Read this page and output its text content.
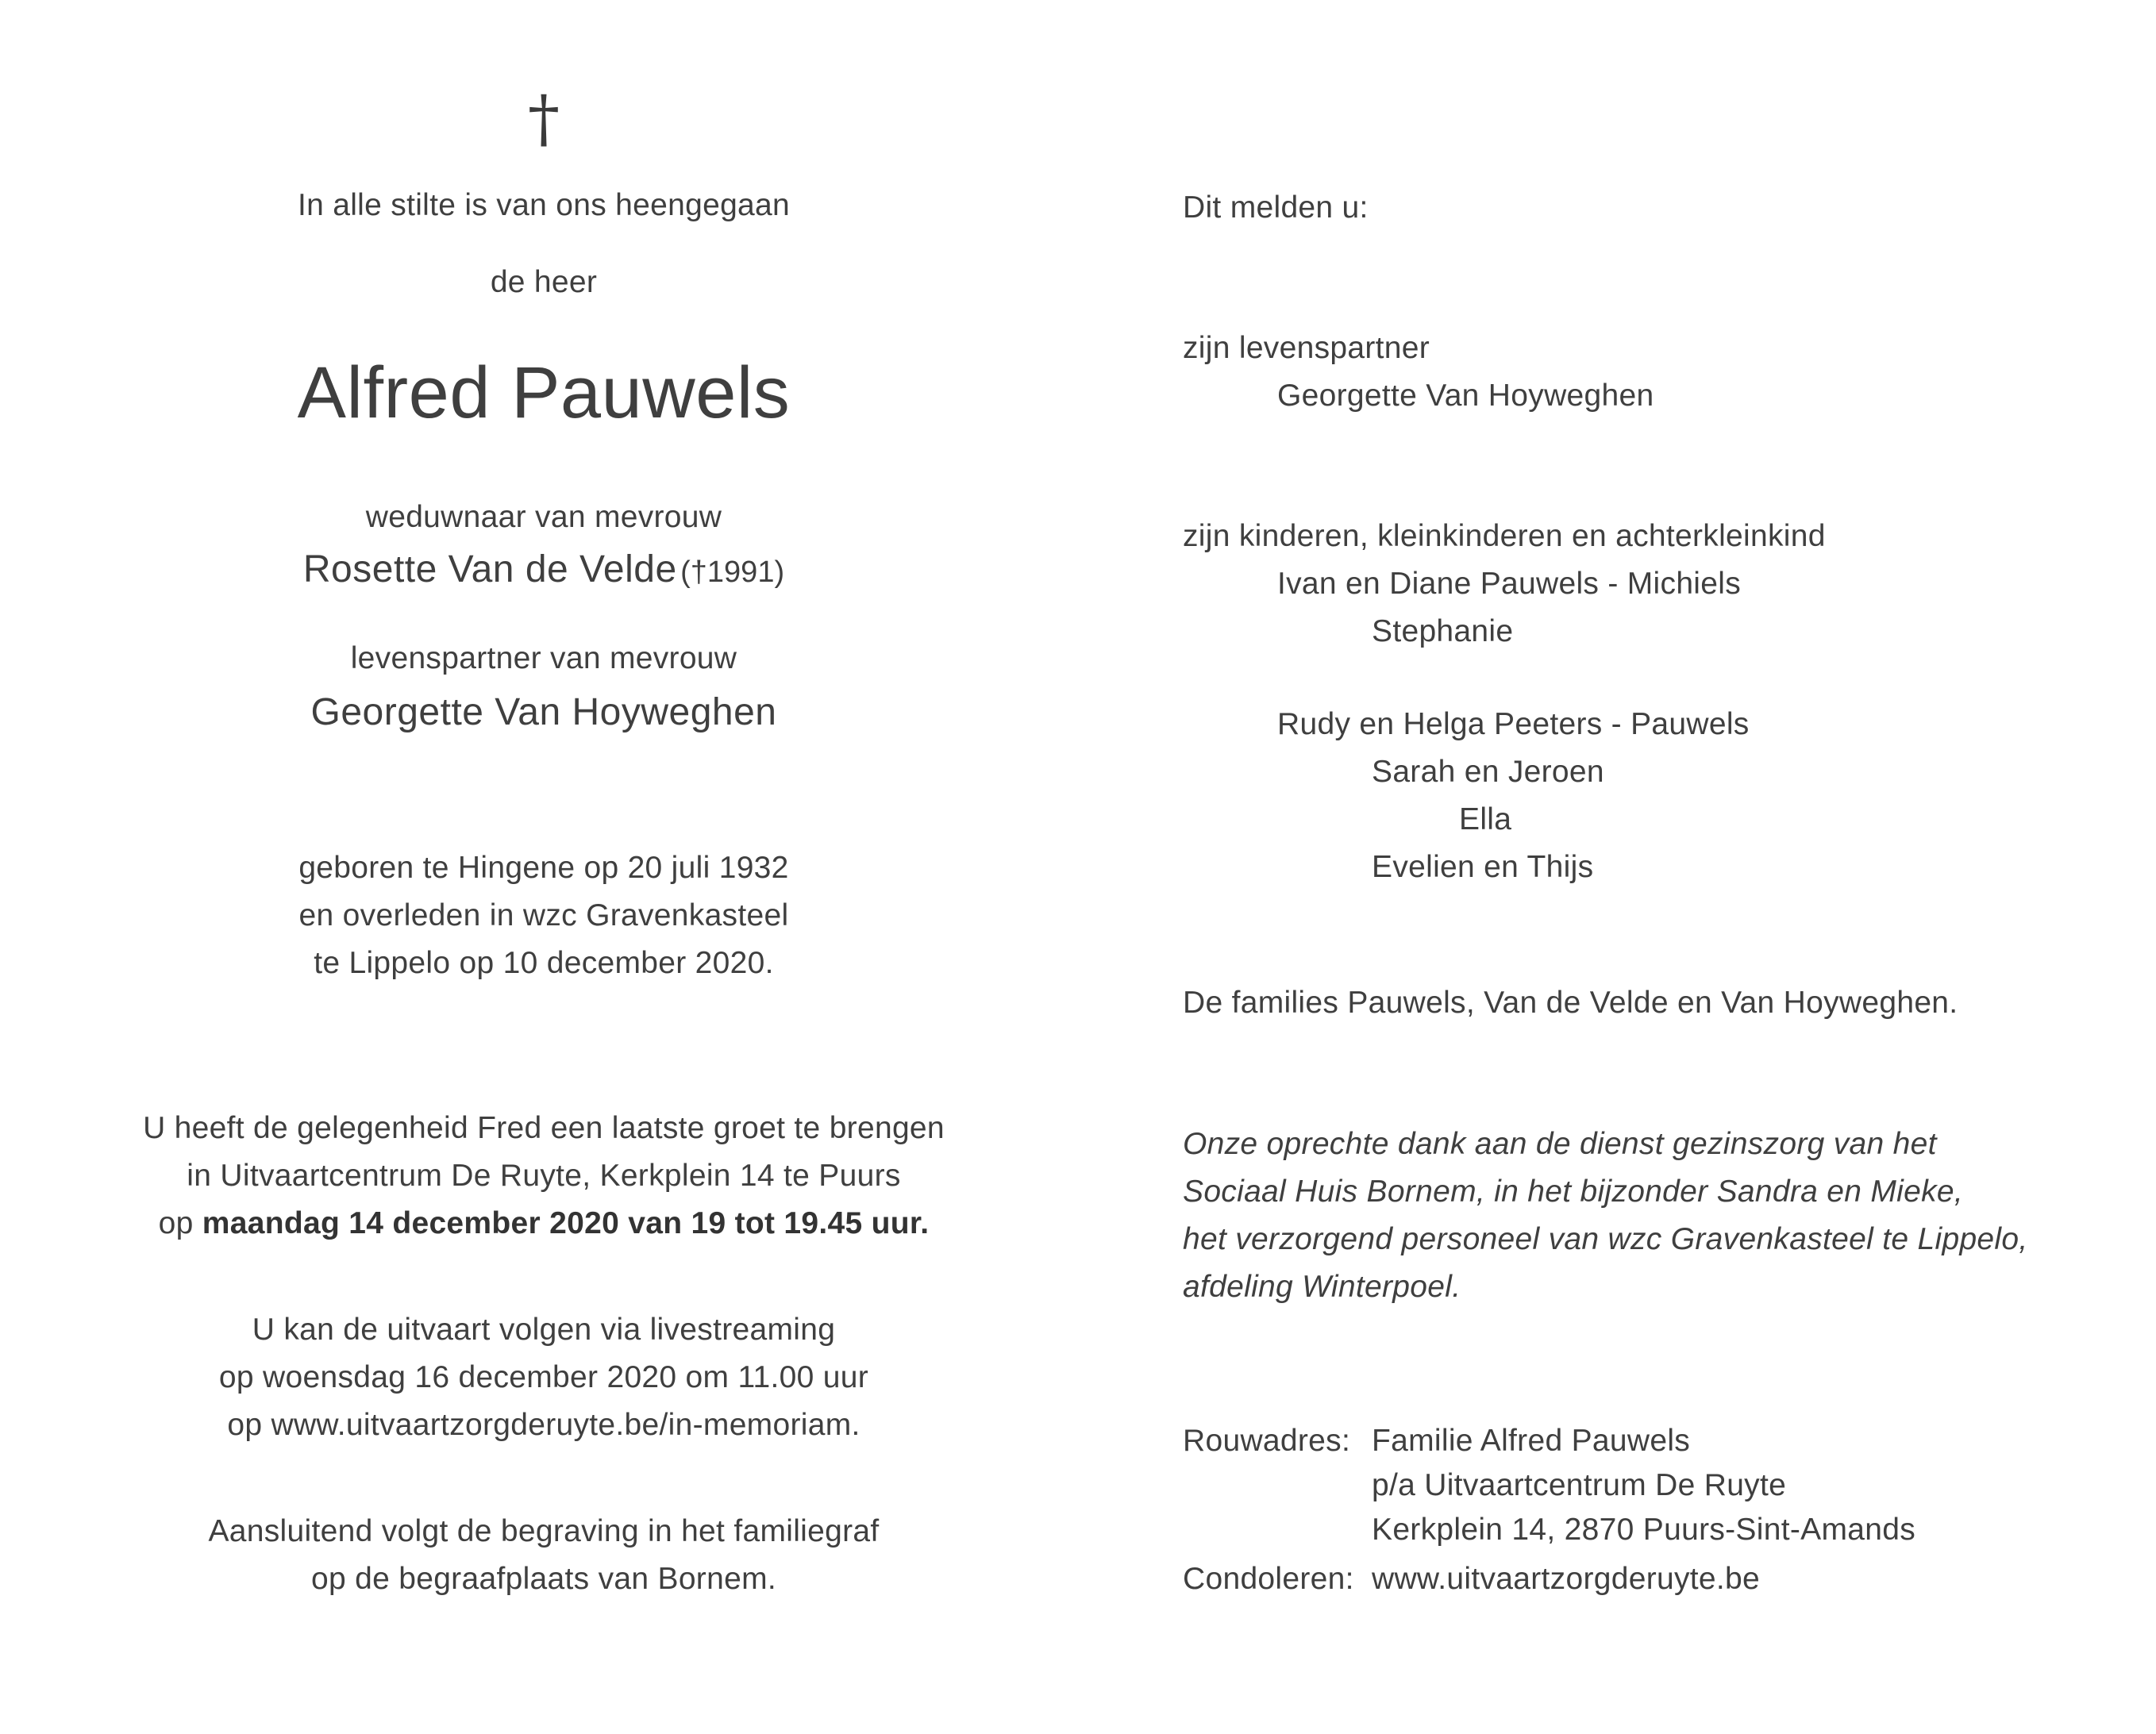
†
In alle stilte is van ons heengegaan
de heer
Alfred Pauwels
weduwnaar van mevrouw
Rosette Van de Velde (†1991)
levenspartner van mevrouw
Georgette Van Hoyweghen
geboren te Hingene op 20 juli 1932
en overleden in wzc Gravenkasteel
te Lippelo op 10 december 2020.
U heeft de gelegenheid Fred een laatste groet te brengen
in Uitvaartcentrum De Ruyte, Kerkplein 14 te Puurs
op maandag 14 december 2020 van 19 tot 19.45 uur.
U kan de uitvaart volgen via livestreaming
op woensdag 16 december 2020 om 11.00 uur
op www.uitvaartzorgderuyte.be/in-memoriam.
Aansluitend volgt de begraving in het familiegraf
op de begraafplaats van Bornem.
Dit melden u:
zijn levenspartner
Georgette Van Hoyweghen
zijn kinderen, kleinkinderen en achterkleinkind
Ivan en Diane Pauwels - Michiels
Stephanie
Rudy en Helga Peeters - Pauwels
Sarah en Jeroen
Ella
Evelien en Thijs
De families Pauwels, Van de Velde en Van Hoyweghen.
Onze oprechte dank aan de dienst gezinszorg van het
Sociaal Huis Bornem, in het bijzonder Sandra en Mieke,
het verzorgend personeel van wzc Gravenkasteel te Lippelo,
afdeling Winterpoel.
Rouwadres: Familie Alfred Pauwels
p/a Uitvaartcentrum De Ruyte
Kerkplein 14, 2870 Puurs-Sint-Amands
Condoleren: www.uitvaartzorgderuyte.be
